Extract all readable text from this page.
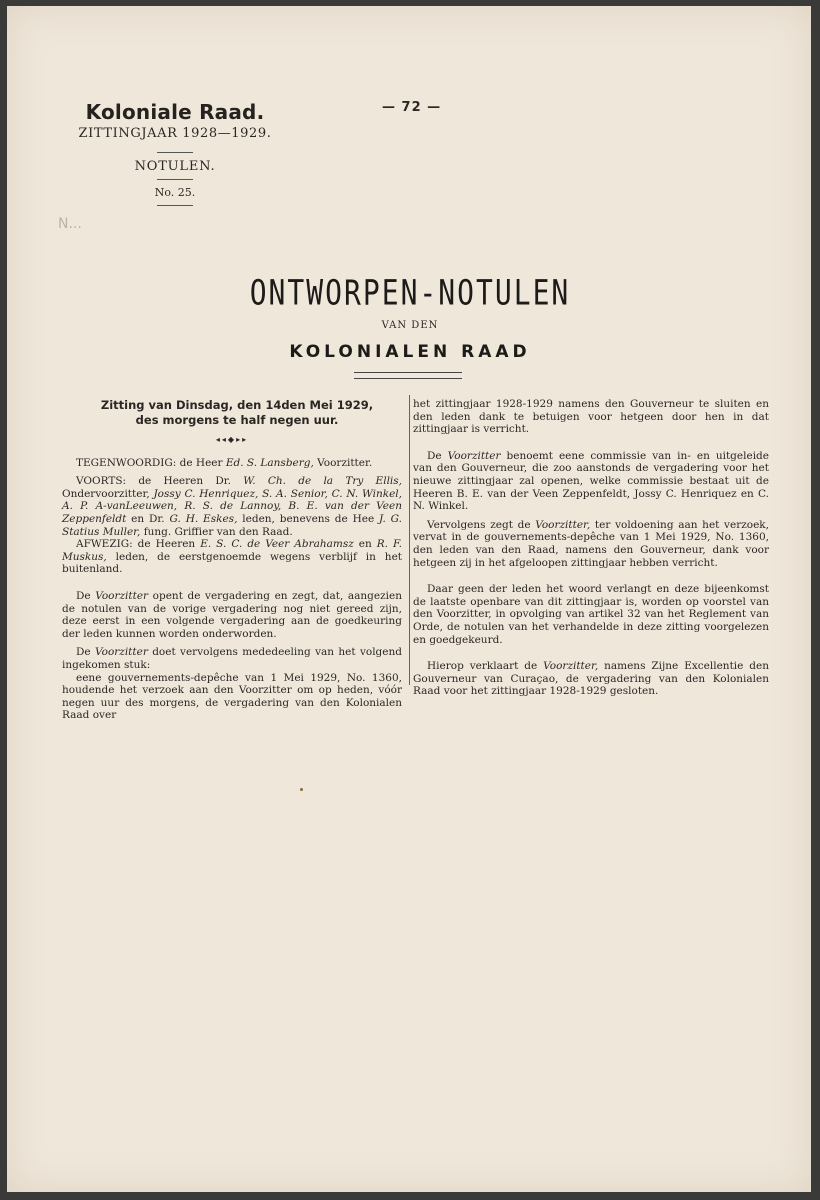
Koloniale Raad.
ZITTINGJAAR 1928—1929.
NOTULEN.
No. 25.
— 72 —
N...
ONTWORPEN-NOTULEN
VAN DEN
KOLONIALEN RAAD
Zitting van Dinsdag, den 14den Mei 1929,
des morgens te half negen uur.
◂◂◆▸▸

TEGENWOORDIG: de Heer Ed. S. Lansberg, Voorzitter.

VOORTS: de Heeren Dr. W. Ch. de la Try Ellis, Ondervoorzitter, Jossy C. Henriquez, S. A. Senior, C. N. Winkel, A. P. A-vanLeeuwen, R. S. de Lannoy, B. E. van der Veen Zeppenfeldt en Dr. G. H. Eskes, leden, benevens de Hee J. G. Statius Muller, fung. Griffier van den Raad.

AFWEZIG: de Heeren E. S. C. de Veer Abrahamsz en R. F. Muskus, leden, de eerstgenoemde wegens verblijf in het buitenland.

De Voorzitter opent de vergadering en zegt, dat, aangezien de notulen van de vorige vergadering nog niet gereed zijn, deze eerst in een volgende vergadering aan de goedkeuring der leden kunnen worden onderworden.

De Voorzitter doet vervolgens mededeeling van het volgend ingekomen stuk:

eene gouvernements-depêche van 1 Mei 1929, No. 1360, houdende het verzoek aan den Voorzitter om op heden, vóór negen uur des morgens, de vergadering van den Kolonialen Raad over

het zittingjaar 1928-1929 namens den Gouverneur te sluiten en den leden dank te betuigen voor hetgeen door hen in dat zittingjaar is verricht.

De Voorzitter benoemt eene commissie van in- en uitgeleide van den Gouverneur, die zoo aanstonds de vergadering voor het nieuwe zittingjaar zal openen, welke commissie bestaat uit de Heeren B. E. van der Veen Zeppenfeldt, Jossy C. Henriquez en C. N. Winkel.

Vervolgens zegt de Voorzitter, ter voldoening aan het verzoek, vervat in de gouvernements-depêche van 1 Mei 1929, No. 1360, den leden van den Raad, namens den Gouverneur, dank voor hetgeen zij in het afgeloopen zittingjaar hebben verricht.

Daar geen der leden het woord verlangt en deze bijeenkomst de laatste openbare van dit zittingjaar is, worden op voorstel van den Voorzitter, in opvolging van artikel 32 van het Reglement van Orde, de notulen van het verhandelde in deze zitting voorgelezen en goedgekeurd.

Hierop verklaart de Voorzitter, namens Zijne Excellentie den Gouverneur van Curaçao, de vergadering van den Kolonialen Raad voor het zittingjaar 1928-1929 gesloten.
